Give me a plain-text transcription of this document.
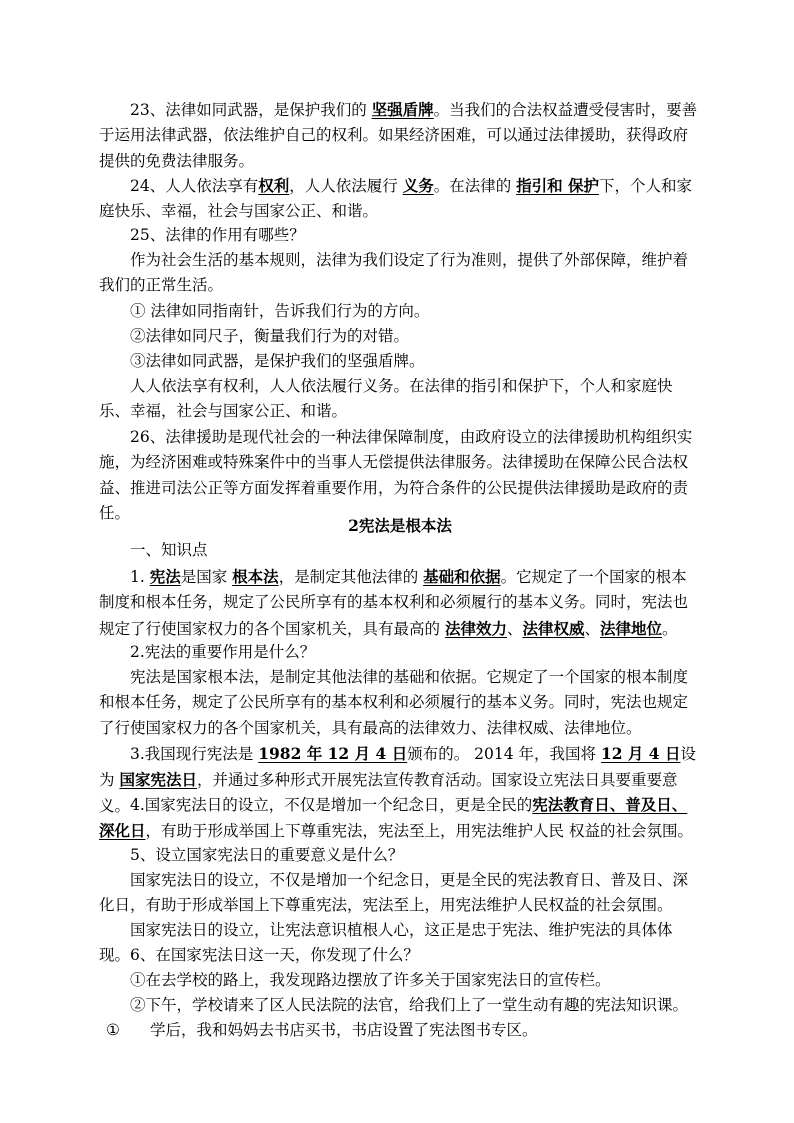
23、法律如同武器，是保护我们的 坚强盾牌。当我们的合法权益遭受侵害时，要善于运用法律武器，依法维护自己的权利。如果经济困难，可以通过法律援助，获得政府提供的免费法律服务。

24、人人依法享有权利，人人依法履行 义务。在法律的 指引和 保护下，个人和家庭快乐、幸福，社会与国家公正、和谐。

25、法律的作用有哪些？

作为社会生活的基本规则，法律为我们设定了行为准则，提供了外部保障，维护着我们的正常生活。

① 法律如同指南针，告诉我们行为的方向。

②法律如同尺子，衡量我们行为的对错。

③法律如同武器，是保护我们的坚强盾牌。

人人依法享有权利，人人依法履行义务。在法律的指引和保护下，个人和家庭快乐、幸福，社会与国家公正、和谐。

26、法律援助是现代社会的一种法律保障制度，由政府设立的法律援助机构组织实施，为经济困难或特殊案件中的当事人无偿提供法律服务。法律援助在保障公民合法权益、推进司法公正等方面发挥着重要作用，为符合条件的公民提供法律援助是政府的责任。

2宪法是根本法

一、知识点

1. 宪法是国家 根本法，是制定其他法律的 基础和依据。它规定了一个国家的根本制度和根本任务，规定了公民所享有的基本权利和必须履行的基本义务。同时，宪法也规定了行使国家权力的各个国家机关，具有最高的 法律效力、法律权威、法律地位。

2.宪法的重要作用是什么？

宪法是国家根本法，是制定其他法律的基础和依据。它规定了一个国家的根本制度和根本任务，规定了公民所享有的基本权利和必须履行的基本义务。同时，宪法也规定了行使国家权力的各个国家机关，具有最高的法律效力、法律权威、法律地位。

3.我国现行宪法是 1982 年 12 月 4 日颁布的。 2014 年，我国将 12 月 4 日设为 国家宪法日，并通过多种形式开展宪法宣传教育活动。国家设立宪法日具要重要意义。 4.国家宪法日的设立，不仅是增加一个纪念日，更是全民的宪法教育日、普及日、深化日，有助于形成举国上下尊重宪法，宪法至上，用宪法维护人民 权益的社会氛围。

5、设立国家宪法日的重要意义是什么？

国家宪法日的设立，不仅是增加一个纪念日，更是全民的宪法教育日、普及日、深化日，有助于形成举国上下尊重宪法，宪法至上，用宪法维护人民权益的社会氛围。

国家宪法日的设立，让宪法意识植根人心，这正是忠于宪法、维护宪法的具体体现。 6、在国家宪法日这一天，你发现了什么？

①在去学校的路上，我发现路边摆放了许多关于国家宪法日的宣传栏。

②下午，学校请来了区人民法院的法官，给我们上了一堂生动有趣的宪法知识课。

① 学后，我和妈妈去书店买书，书店设置了宪法图书专区。
